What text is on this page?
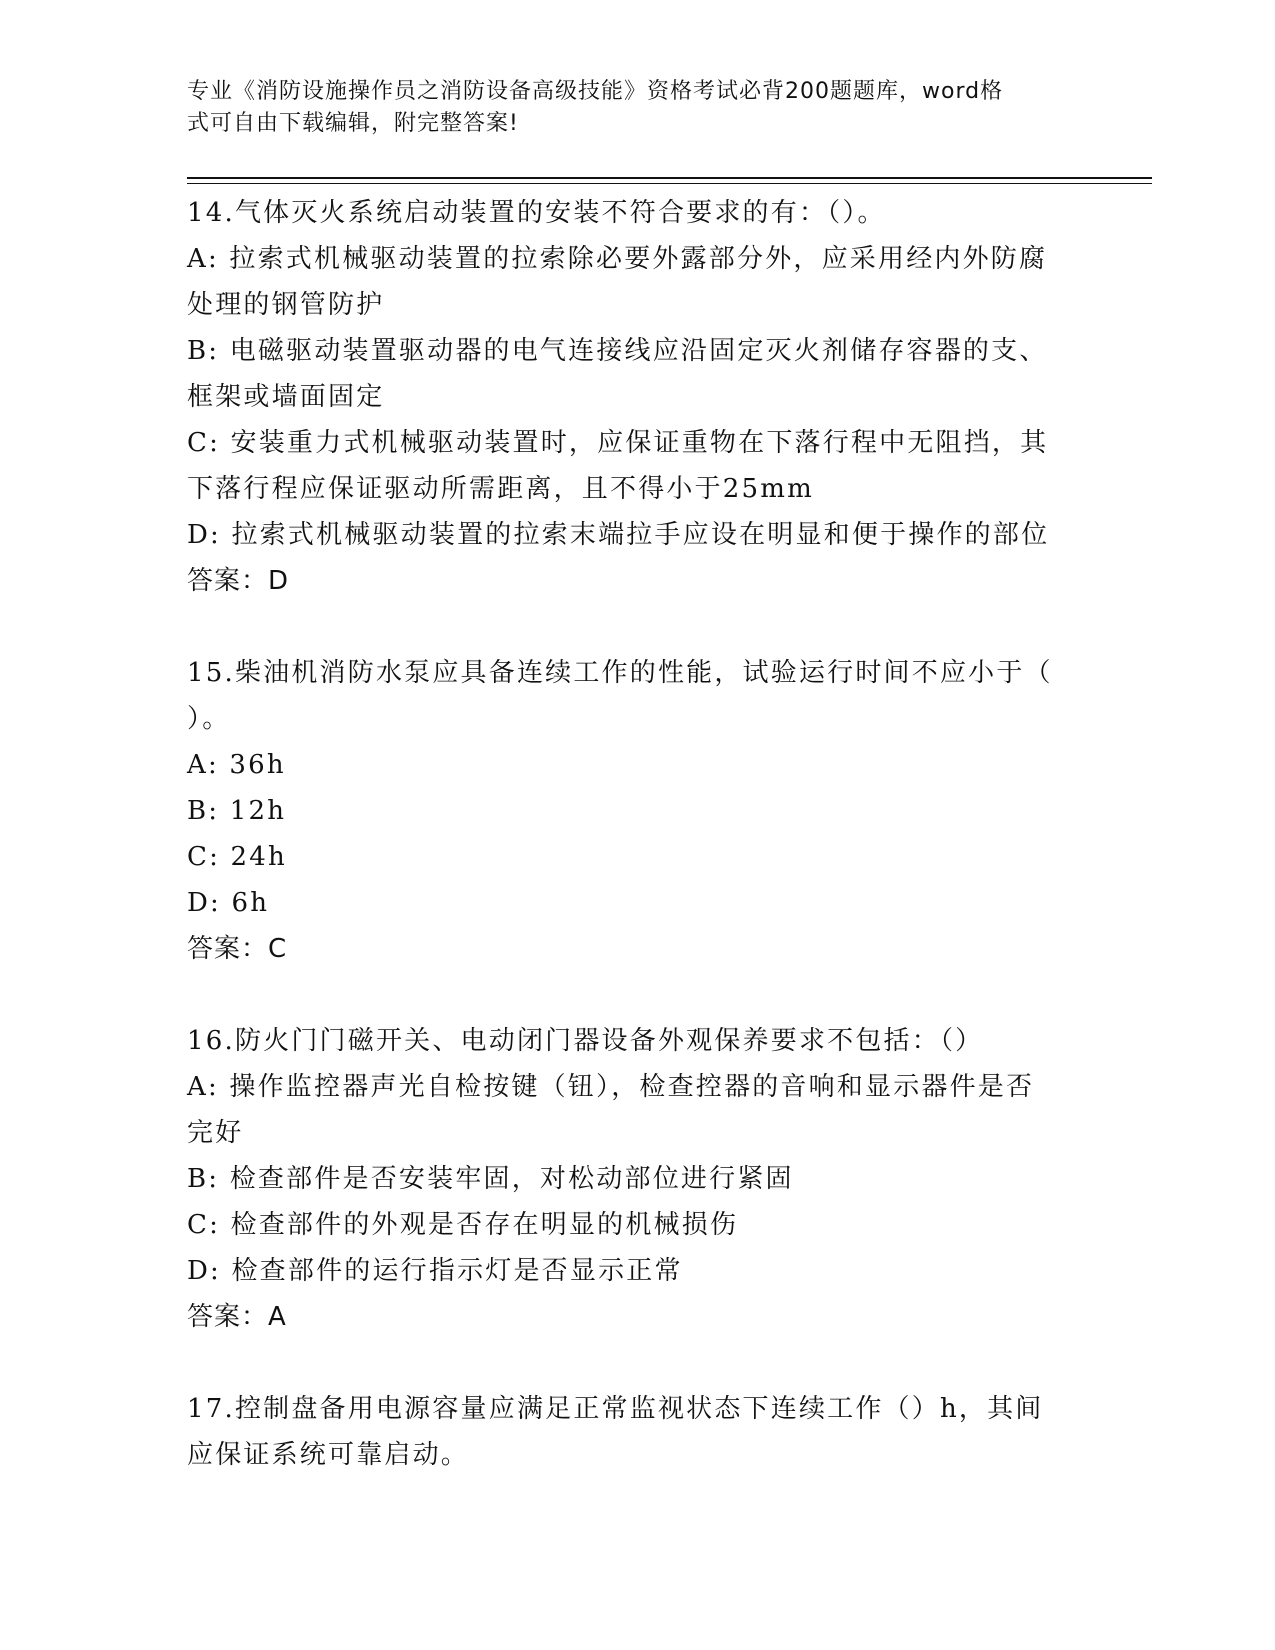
专业《消防设施操作员之消防设备高级技能》资格考试必背200题题库，word格
式可自由下载编辑，附完整答案!
14.气体灭火系统启动装置的安装不符合要求的有：（）。
A: 拉索式机械驱动装置的拉索除必要外露部分外，应采用经内外防腐
处理的钢管防护
B: 电磁驱动装置驱动器的电气连接线应沿固定灭火剂储存容器的支、
框架或墙面固定
C: 安装重力式机械驱动装置时，应保证重物在下落行程中无阻挡，其
下落行程应保证驱动所需距离，且不得小于25mm
D: 拉索式机械驱动装置的拉索末端拉手应设在明显和便于操作的部位
答案：D
15.柴油机消防水泵应具备连续工作的性能，试验运行时间不应小于（
）。
A: 36h
B: 12h
C: 24h
D: 6h
答案：C
16.防火门门磁开关、电动闭门器设备外观保养要求不包括：（）
A: 操作监控器声光自检按键（钮），检查控器的音响和显示器件是否
完好
B: 检查部件是否安装牢固，对松动部位进行紧固
C: 检查部件的外观是否存在明显的机械损伤
D: 检查部件的运行指示灯是否显示正常
答案：A
17.控制盘备用电源容量应满足正常监视状态下连续工作（）h，其间
应保证系统可靠启动。
